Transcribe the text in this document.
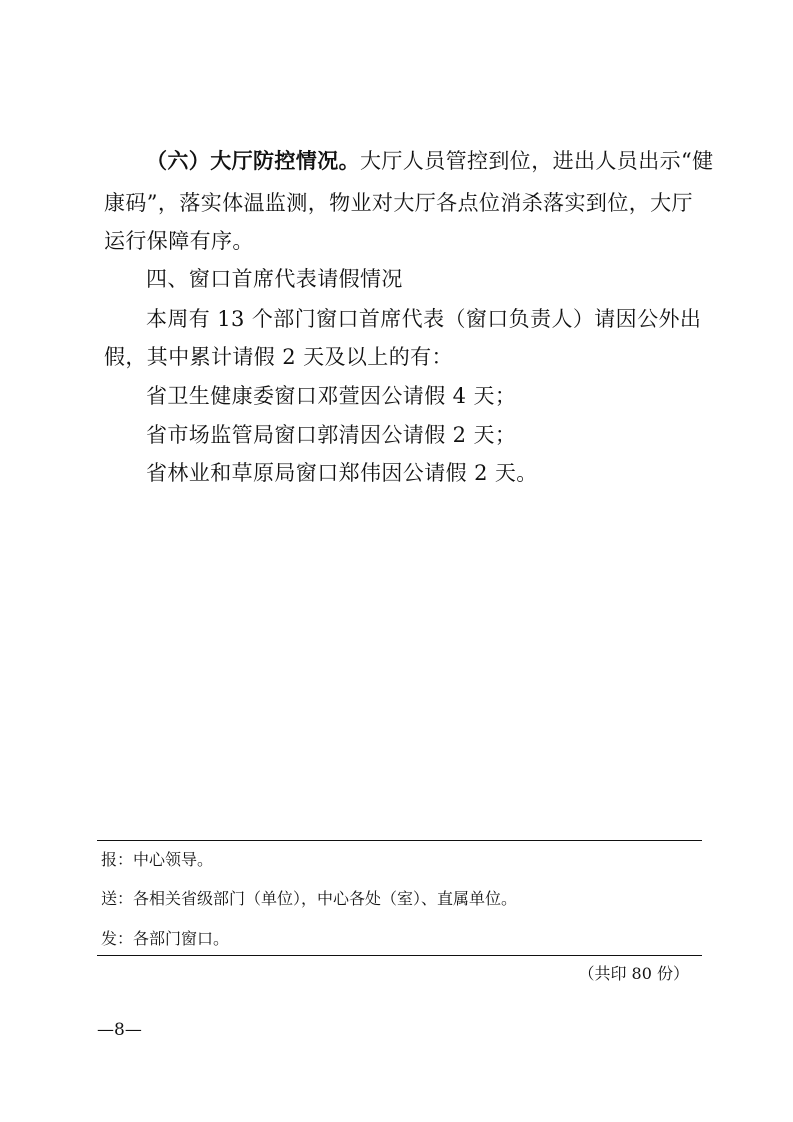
（六）大厅防控情况。大厅人员管控到位，进出人员出示“健
康码”，落实体温监测，物业对大厅各点位消杀落实到位，大厅
运行保障有序。
四、窗口首席代表请假情况
本周有 13 个部门窗口首席代表（窗口负责人）请因公外出
假，其中累计请假 2 天及以上的有：
省卫生健康委窗口邓萱因公请假 4 天；
省市场监管局窗口郭清因公请假 2 天；
省林业和草原局窗口郑伟因公请假 2 天。
报：中心领导。
送：各相关省级部门（单位），中心各处（室）、直属单位。
发：各部门窗口。
（共印 80 份）
—8—
